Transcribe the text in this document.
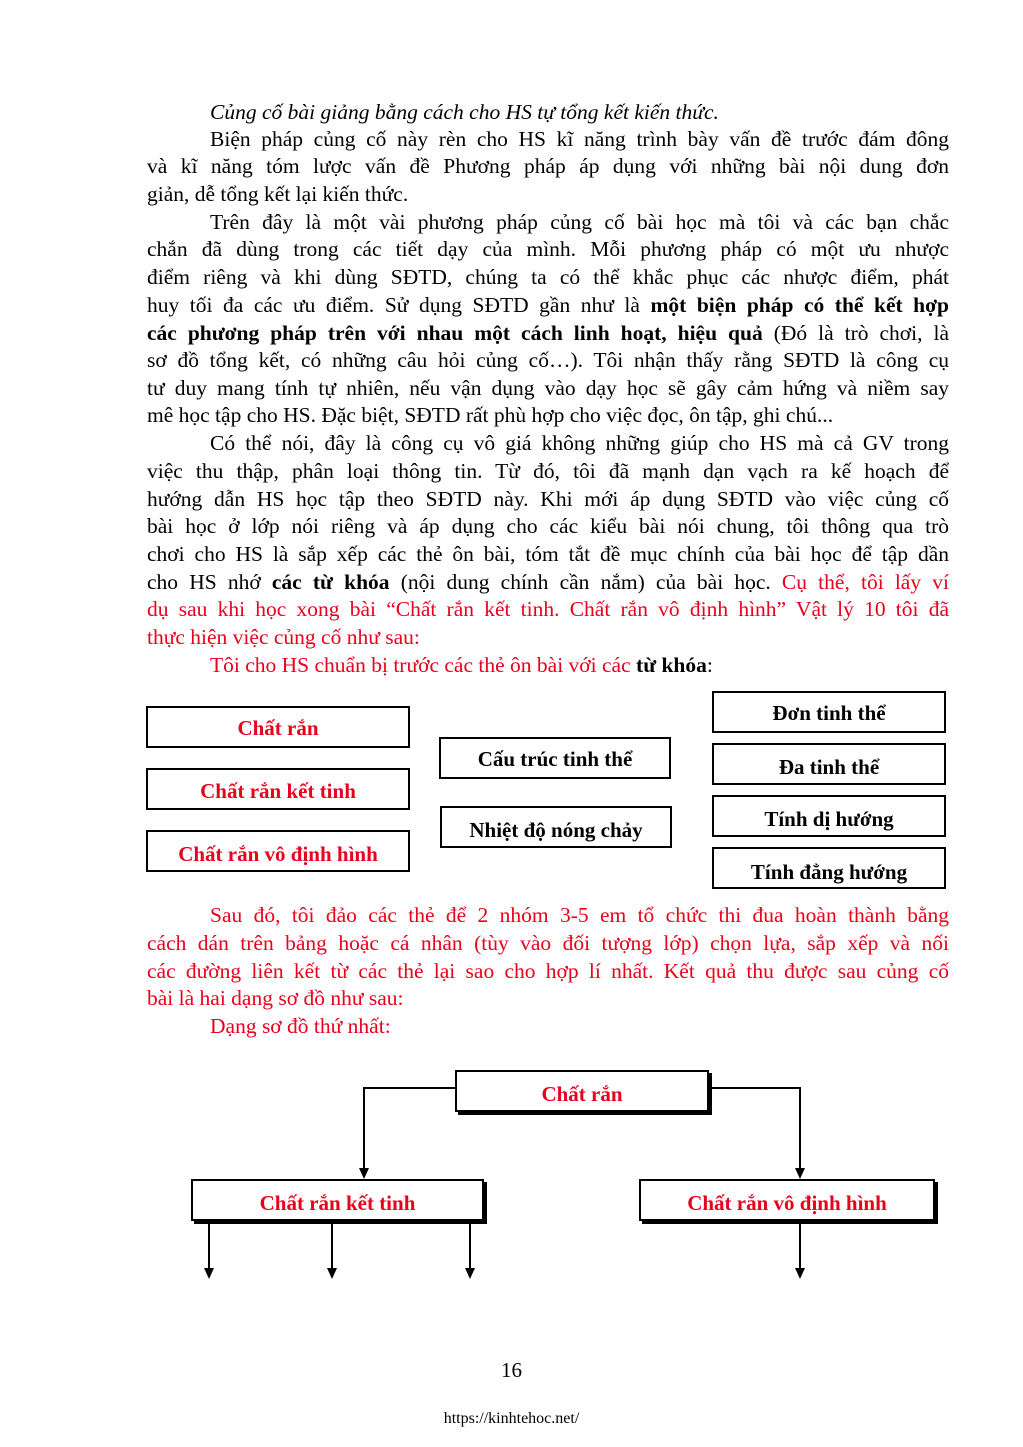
Củng cố bài giảng bằng cách cho HS tự tổng kết kiến thức.
Biện pháp củng cố này rèn cho HS kĩ năng trình bày vấn đề trước đám đông
và kĩ năng tóm lược vấn đề Phương pháp áp dụng với những bài nội dung đơn
giản, dễ tổng kết lại kiến thức.
Trên đây là một vài phương pháp củng cố bài học mà tôi và các bạn chắc
chắn đã dùng trong các tiết dạy của mình. Mỗi phương pháp có một ưu nhược
điểm riêng và khi dùng SĐTD, chúng ta có thể khắc phục các nhược điểm, phát
huy tối đa các ưu điểm. Sử dụng SĐTD gần như là một biện pháp có thể kết hợp
các phương pháp trên với nhau một cách linh hoạt, hiệu quả (Đó là trò chơi, là
sơ đồ tổng kết, có những câu hỏi củng cố…). Tôi nhận thấy rằng SĐTD là công cụ
tư duy mang tính tự nhiên, nếu vận dụng vào dạy học sẽ gây cảm hứng và niềm say
mê học tập cho HS. Đặc biệt, SĐTD rất phù hợp cho việc đọc, ôn tập, ghi chú...
Có thể nói, đây là công cụ vô giá không những giúp cho HS mà cả GV trong
việc thu thập, phân loại thông tin. Từ đó, tôi đã mạnh dạn vạch ra kế hoạch để
hướng dẫn HS học tập theo SĐTD này. Khi mới áp dụng SĐTD vào việc củng cố
bài học ở lớp nói riêng và áp dụng cho các kiểu bài nói chung, tôi thông qua trò
chơi cho HS là sắp xếp các thẻ ôn bài, tóm tắt đề mục chính của bài học để tập dần
cho HS nhớ các từ khóa (nội dung chính cần nắm) của bài học. Cụ thể, tôi lấy ví
dụ sau khi học xong bài “Chất rắn kết tinh. Chất rắn vô định hình” Vật lý 10 tôi đã
thực hiện việc củng cố như sau:
Tôi cho HS chuẩn bị trước các thẻ ôn bài với các từ khóa:
Chất rắn
Chất rắn kết tinh
Chất rắn vô định hình
Cấu trúc tinh thể
Nhiệt độ nóng chảy
Đơn tinh thể
Đa tinh thể
Tính dị hướng
Tính đẳng hướng
Sau đó, tôi đảo các thẻ để 2 nhóm 3-5 em tổ chức thi đua hoàn thành bằng
cách dán trên bảng hoặc cá nhân (tùy vào đối tượng lớp) chọn lựa, sắp xếp và nối
các đường liên kết từ các thẻ lại sao cho hợp lí nhất. Kết quả thu được sau củng cố
bài là hai dạng sơ đồ như sau:
Dạng sơ đồ thứ nhất:
Chất rắn
Chất rắn kết tinh	Chất rắn vô định hình
16
https://kinhtehoc.net/
